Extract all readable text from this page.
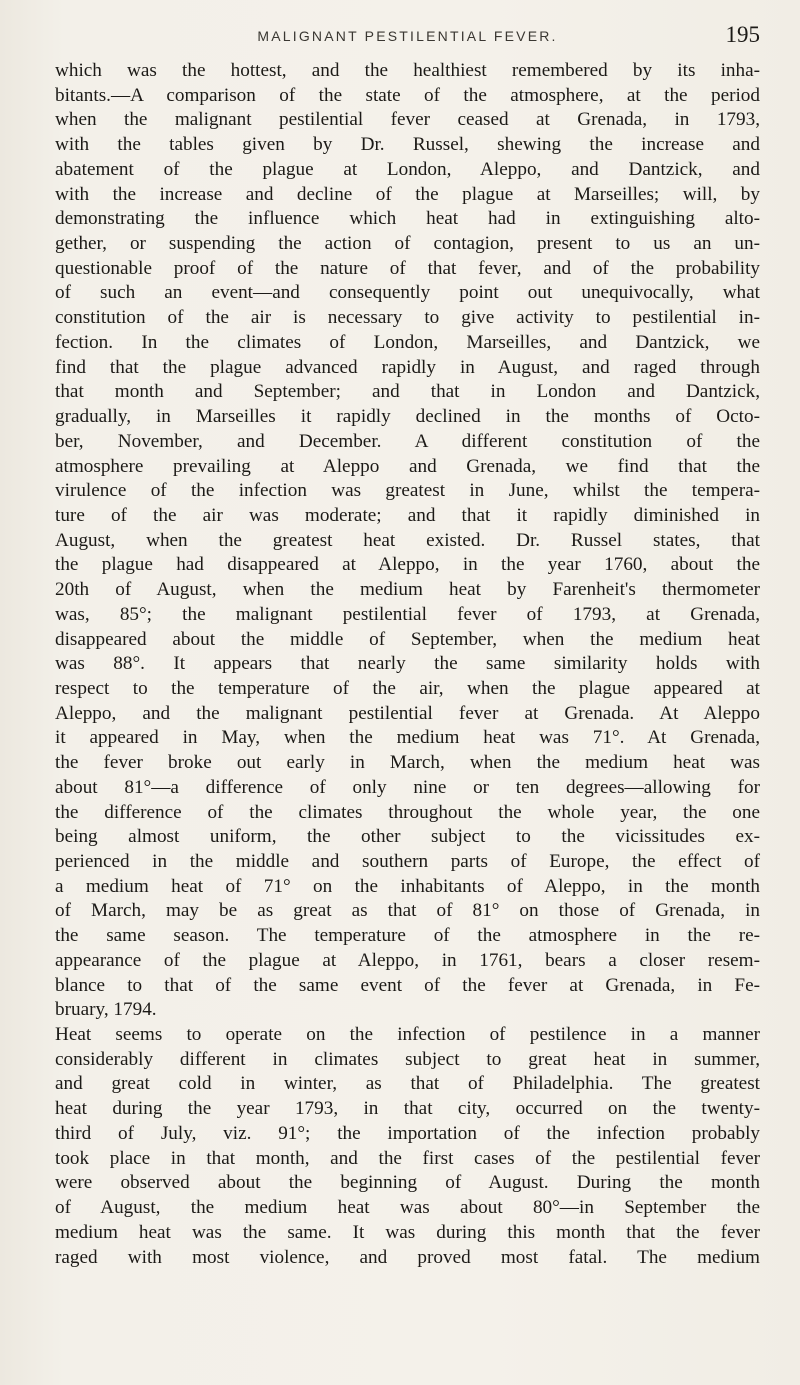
MALIGNANT PESTILENTIAL FEVER.	195
which was the hottest, and the healthiest remembered by its inha-
bitants.—A comparison of the state of the atmosphere, at the period
when the malignant pestilential fever ceased at Grenada, in 1793,
with the tables given by Dr. Russel, shewing the increase and
abatement of the plague at London, Aleppo, and Dantzick, and
with the increase and decline of the plague at Marseilles; will, by
demonstrating the influence which heat had in extinguishing alto-
gether, or suspending the action of contagion, present to us an un-
questionable proof of the nature of that fever, and of the probability
of such an event—and consequently point out unequivocally, what
constitution of the air is necessary to give activity to pestilential in-
fection. In the climates of London, Marseilles, and Dantzick, we
find that the plague advanced rapidly in August, and raged through
that month and September; and that in London and Dantzick,
gradually, in Marseilles it rapidly declined in the months of Octo-
ber, November, and December. A different constitution of the
atmosphere prevailing at Aleppo and Grenada, we find that the
virulence of the infection was greatest in June, whilst the tempera-
ture of the air was moderate; and that it rapidly diminished in
August, when the greatest heat existed. Dr. Russel states, that
the plague had disappeared at Aleppo, in the year 1760, about the
20th of August, when the medium heat by Farenheit's thermometer
was, 85°; the malignant pestilential fever of 1793, at Grenada,
disappeared about the middle of September, when the medium heat
was 88°. It appears that nearly the same similarity holds with
respect to the temperature of the air, when the plague appeared at
Aleppo, and the malignant pestilential fever at Grenada. At Aleppo
it appeared in May, when the medium heat was 71°. At Grenada,
the fever broke out early in March, when the medium heat was
about 81°—a difference of only nine or ten degrees—allowing for
the difference of the climates throughout the whole year, the one
being almost uniform, the other subject to the vicissitudes ex-
perienced in the middle and southern parts of Europe, the effect of
a medium heat of 71° on the inhabitants of Aleppo, in the month
of March, may be as great as that of 81° on those of Grenada, in
the same season. The temperature of the atmosphere in the re-
appearance of the plague at Aleppo, in 1761, bears a closer resem-
blance to that of the same event of the fever at Grenada, in Fe-
bruary, 1794.
Heat seems to operate on the infection of pestilence in a manner
considerably different in climates subject to great heat in summer,
and great cold in winter, as that of Philadelphia. The greatest
heat during the year 1793, in that city, occurred on the twenty-
third of July, viz. 91°; the importation of the infection probably
took place in that month, and the first cases of the pestilential fever
were observed about the beginning of August. During the month
of August, the medium heat was about 80°—in September the
medium heat was the same. It was during this month that the fever
raged with most violence, and proved most fatal. The medium
